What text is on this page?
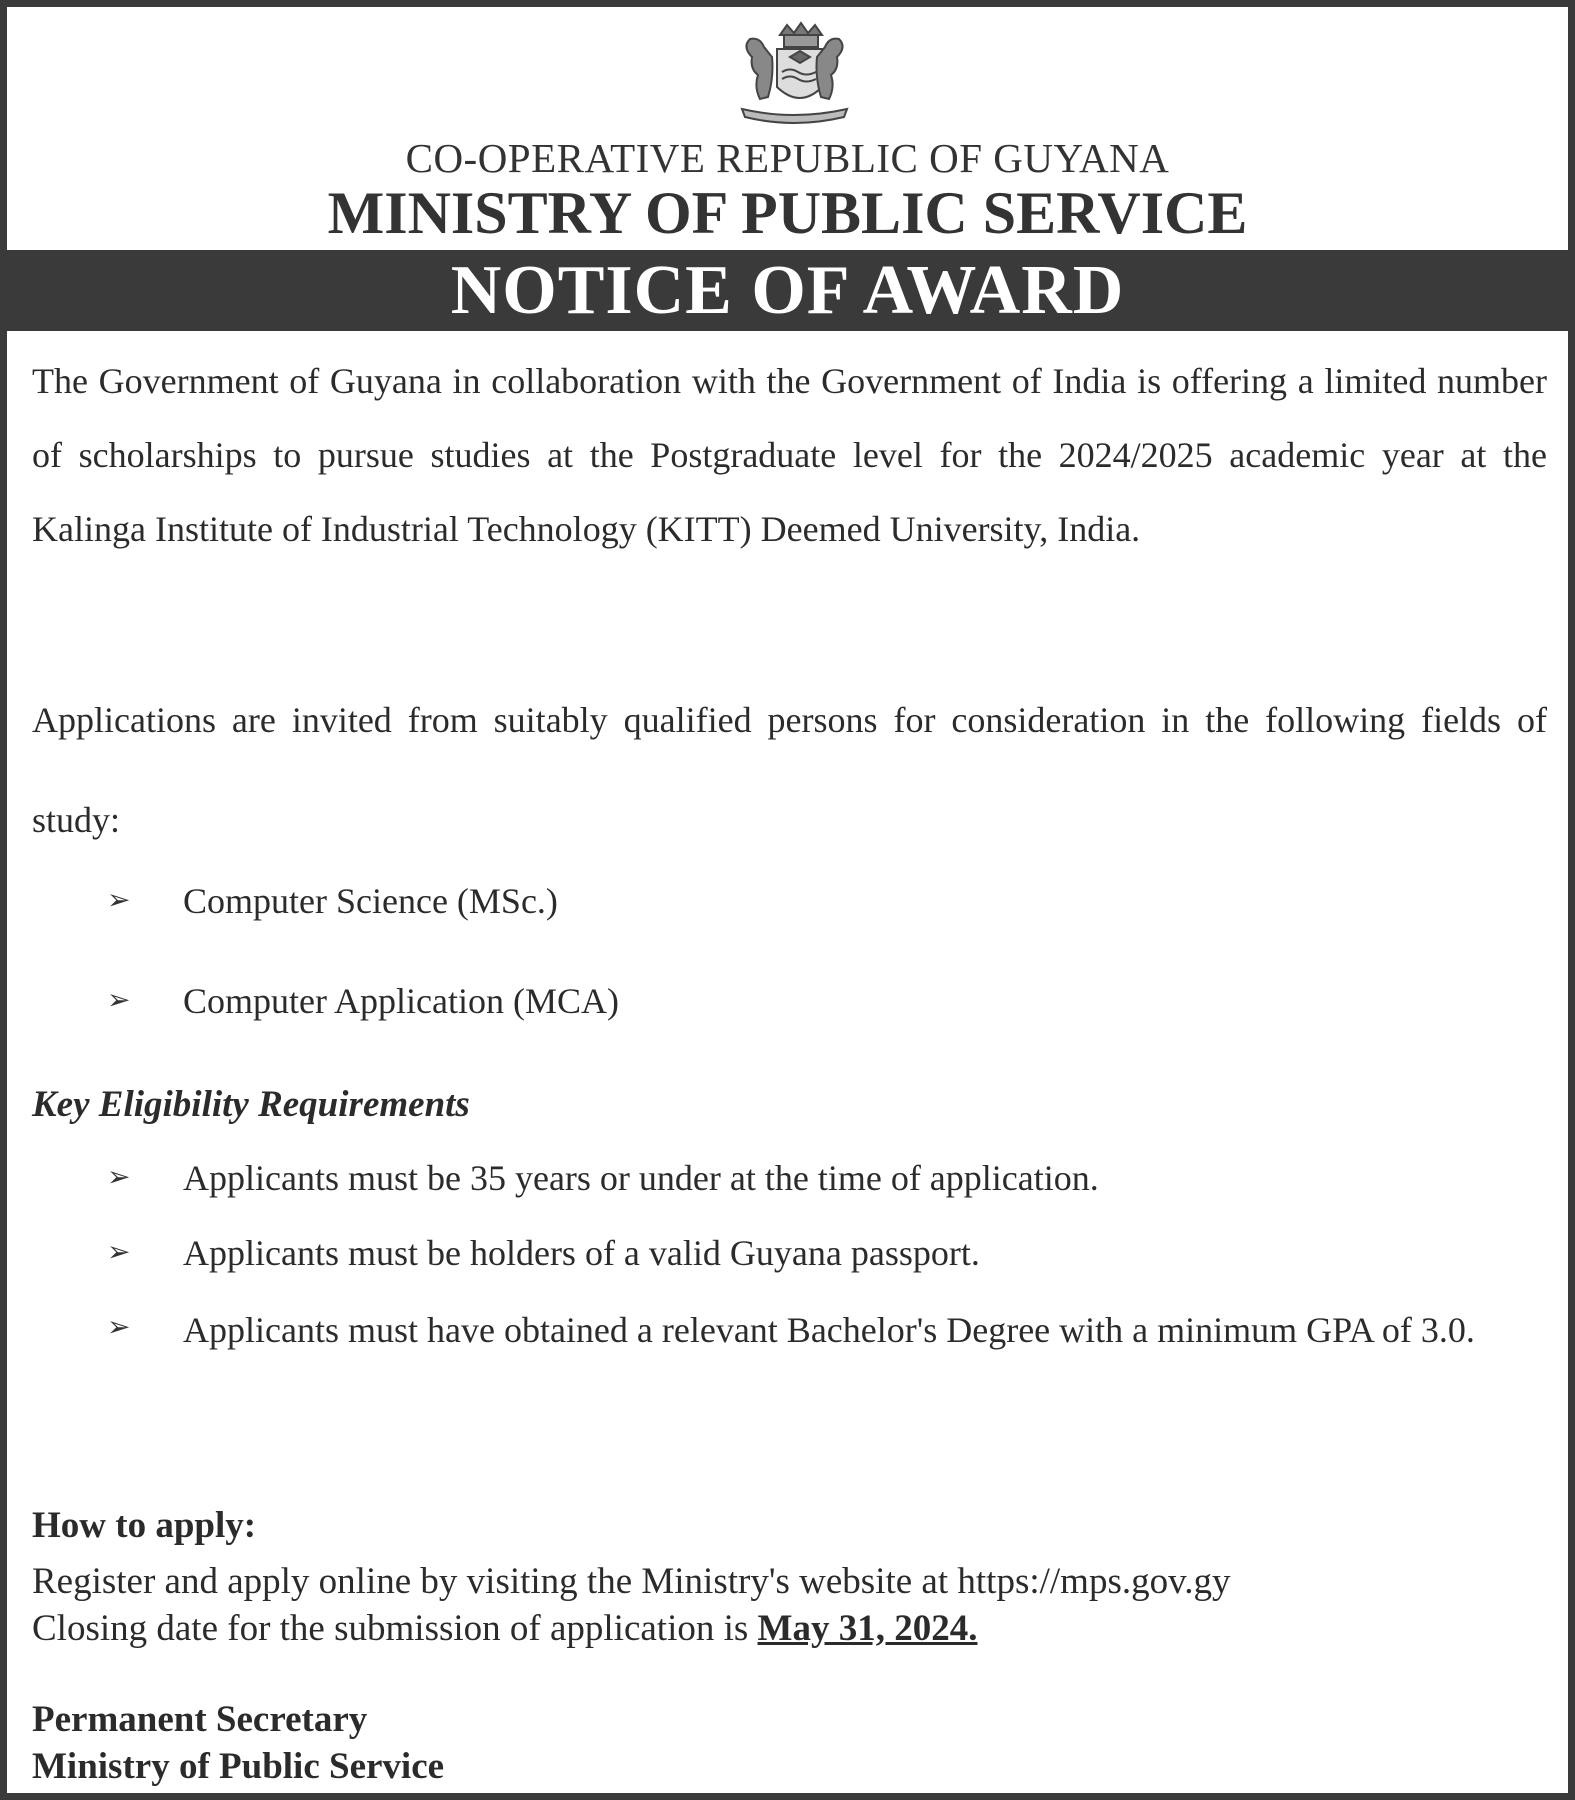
CO-OPERATIVE REPUBLIC OF GUYANA
MINISTRY OF PUBLIC SERVICE
NOTICE OF AWARD
The Government of Guyana in collaboration with the Government of India is offering a limited number of scholarships to pursue studies at the Postgraduate level for the 2024/2025 academic year at the Kalinga Institute of Industrial Technology (KITT) Deemed University, India.
Applications are invited from suitably qualified persons for consideration in the following fields of study:
➢ Computer Science (MSc.)
➢ Computer Application (MCA)
Key Eligibility Requirements
➢ Applicants must be 35 years or under at the time of application.
➢ Applicants must be holders of a valid Guyana passport.
➢ Applicants must have obtained a relevant Bachelor's Degree with a minimum GPA of 3.0.
How to apply:
Register and apply online by visiting the Ministry's website at https://mps.gov.gy
Closing date for the submission of application is May 31, 2024.
Permanent Secretary
Ministry of Public Service
